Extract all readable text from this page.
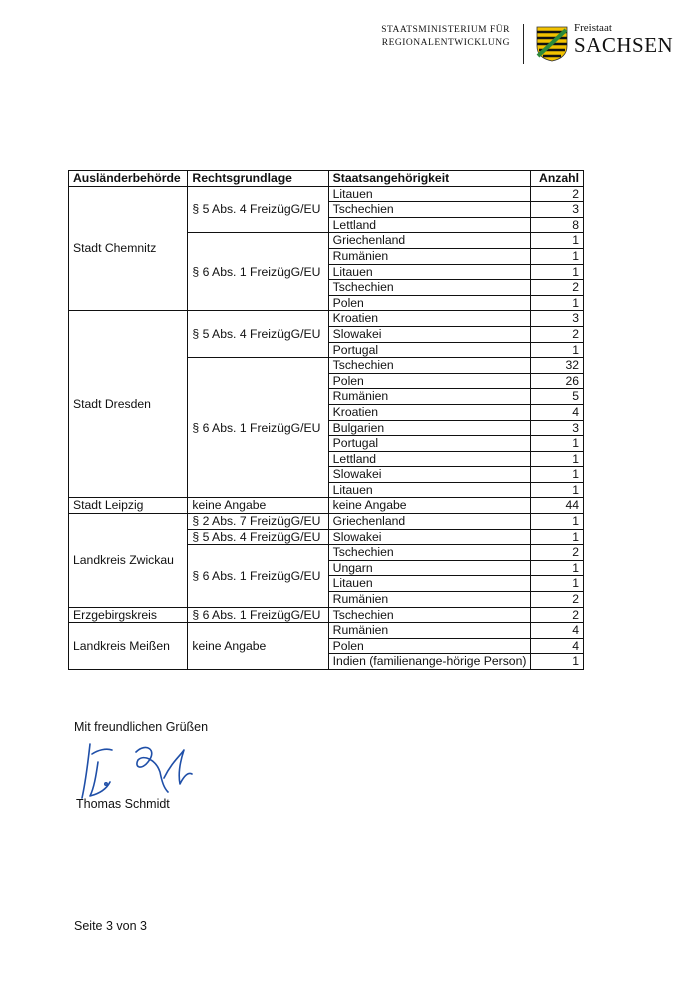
STAATSMINISTERIUM FÜR
REGIONALENTWICKLUNG
Freistaat
SACHSEN
Ausländerbehörde	Rechtsgrundlage	Staatsangehörigkeit	Anzahl
Stadt Chemnitz	§ 5 Abs. 4 FreizügG/EU	Litauen	2
		Tschechien	3
		Lettland	8
	§ 6 Abs. 1 FreizügG/EU	Griechenland	1
		Rumänien	1
		Litauen	1
		Tschechien	2
		Polen	1
Stadt Dresden	§ 5 Abs. 4 FreizügG/EU	Kroatien	3
		Slowakei	2
		Portugal	1
	§ 6 Abs. 1 FreizügG/EU	Tschechien	32
		Polen	26
		Rumänien	5
		Kroatien	4
		Bulgarien	3
		Portugal	1
		Lettland	1
		Slowakei	1
		Litauen	1
Stadt Leipzig	keine Angabe	keine Angabe	44
Landkreis Zwickau	§ 2 Abs. 7 FreizügG/EU	Griechenland	1
	§ 5 Abs. 4 FreizügG/EU	Slowakei	1
	§ 6 Abs. 1 FreizügG/EU	Tschechien	2
		Ungarn	1
		Litauen	1
		Rumänien	2
Erzgebirgskreis	§ 6 Abs. 1 FreizügG/EU	Tschechien	2
Landkreis Meißen	keine Angabe	Rumänien	4
		Polen	4
		Indien (familienange-hörige Person)	1
Mit freundlichen Grüßen
Thomas Schmidt
Seite 3 von 3
